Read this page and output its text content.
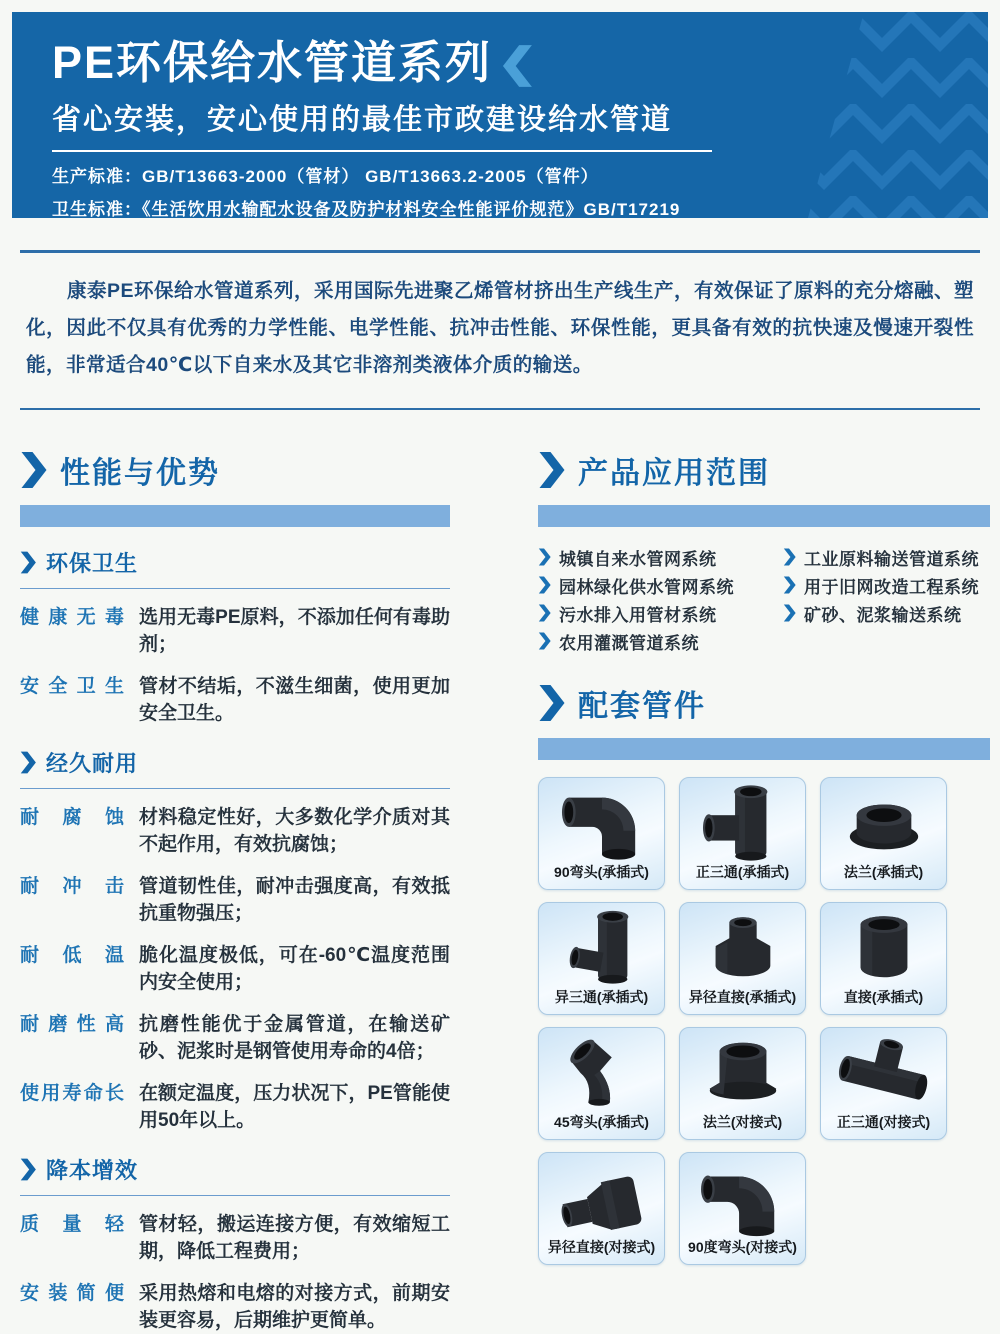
PE环保给水管道系列
省心安装，安心使用的最佳市政建设给水管道

生产标准：GB/T13663-2000（管材） GB/T13663.2-2005（管件）

卫生标准：《生活饮用水输配水设备及防护材料安全性能评价规范》GB/T17219

康泰PE环保给水管道系列，采用国际先进聚乙烯管材挤出生产线生产，有效保证了原料的充分熔融、塑化，因此不仅具有优秀的力学性能、电学性能、抗冲击性能、环保性能，更具备有效的抗快速及慢速开裂性能，非常适合40℃以下自来水及其它非溶剂类液体介质的输送。

性能与优势
环保卫生
健康无毒 选用无毒PE原料，不添加任何有毒助剂；
安全卫生 管材不结垢，不滋生细菌，使用更加安全卫生。
经久耐用
耐腐蚀 材料稳定性好，大多数化学介质对其不起作用，有效抗腐蚀；
耐冲击 管道韧性佳，耐冲击强度高，有效抵抗重物强压；
耐低温 脆化温度极低，可在-60℃温度范围内安全使用；
耐磨性高 抗磨性能优于金属管道，在输送矿砂、泥浆时是钢管使用寿命的4倍；
使用寿命长 在额定温度，压力状况下，PE管能使用50年以上。
降本增效
质量轻 管材轻，搬运连接方便，有效缩短工期，降低工程费用；
安装简便 采用热熔和电熔的对接方式，前期安装更容易，后期维护更简单。
产品应用范围
城镇自来水管网系统
园林绿化供水管网系统
污水排入用管材系统
农用灌溉管道系统
工业原料输送管道系统
用于旧网改造工程系统
矿砂、泥浆输送系统
配套管件
90弯头(承插式)	正三通(承插式)	法兰(承插式)
异三通(承插式)	异径直接(承插式)	直接(承插式)
45弯头(承插式)	法兰(对接式)	正三通(对接式)
异径直接(对接式) 90度弯头(对接式)
